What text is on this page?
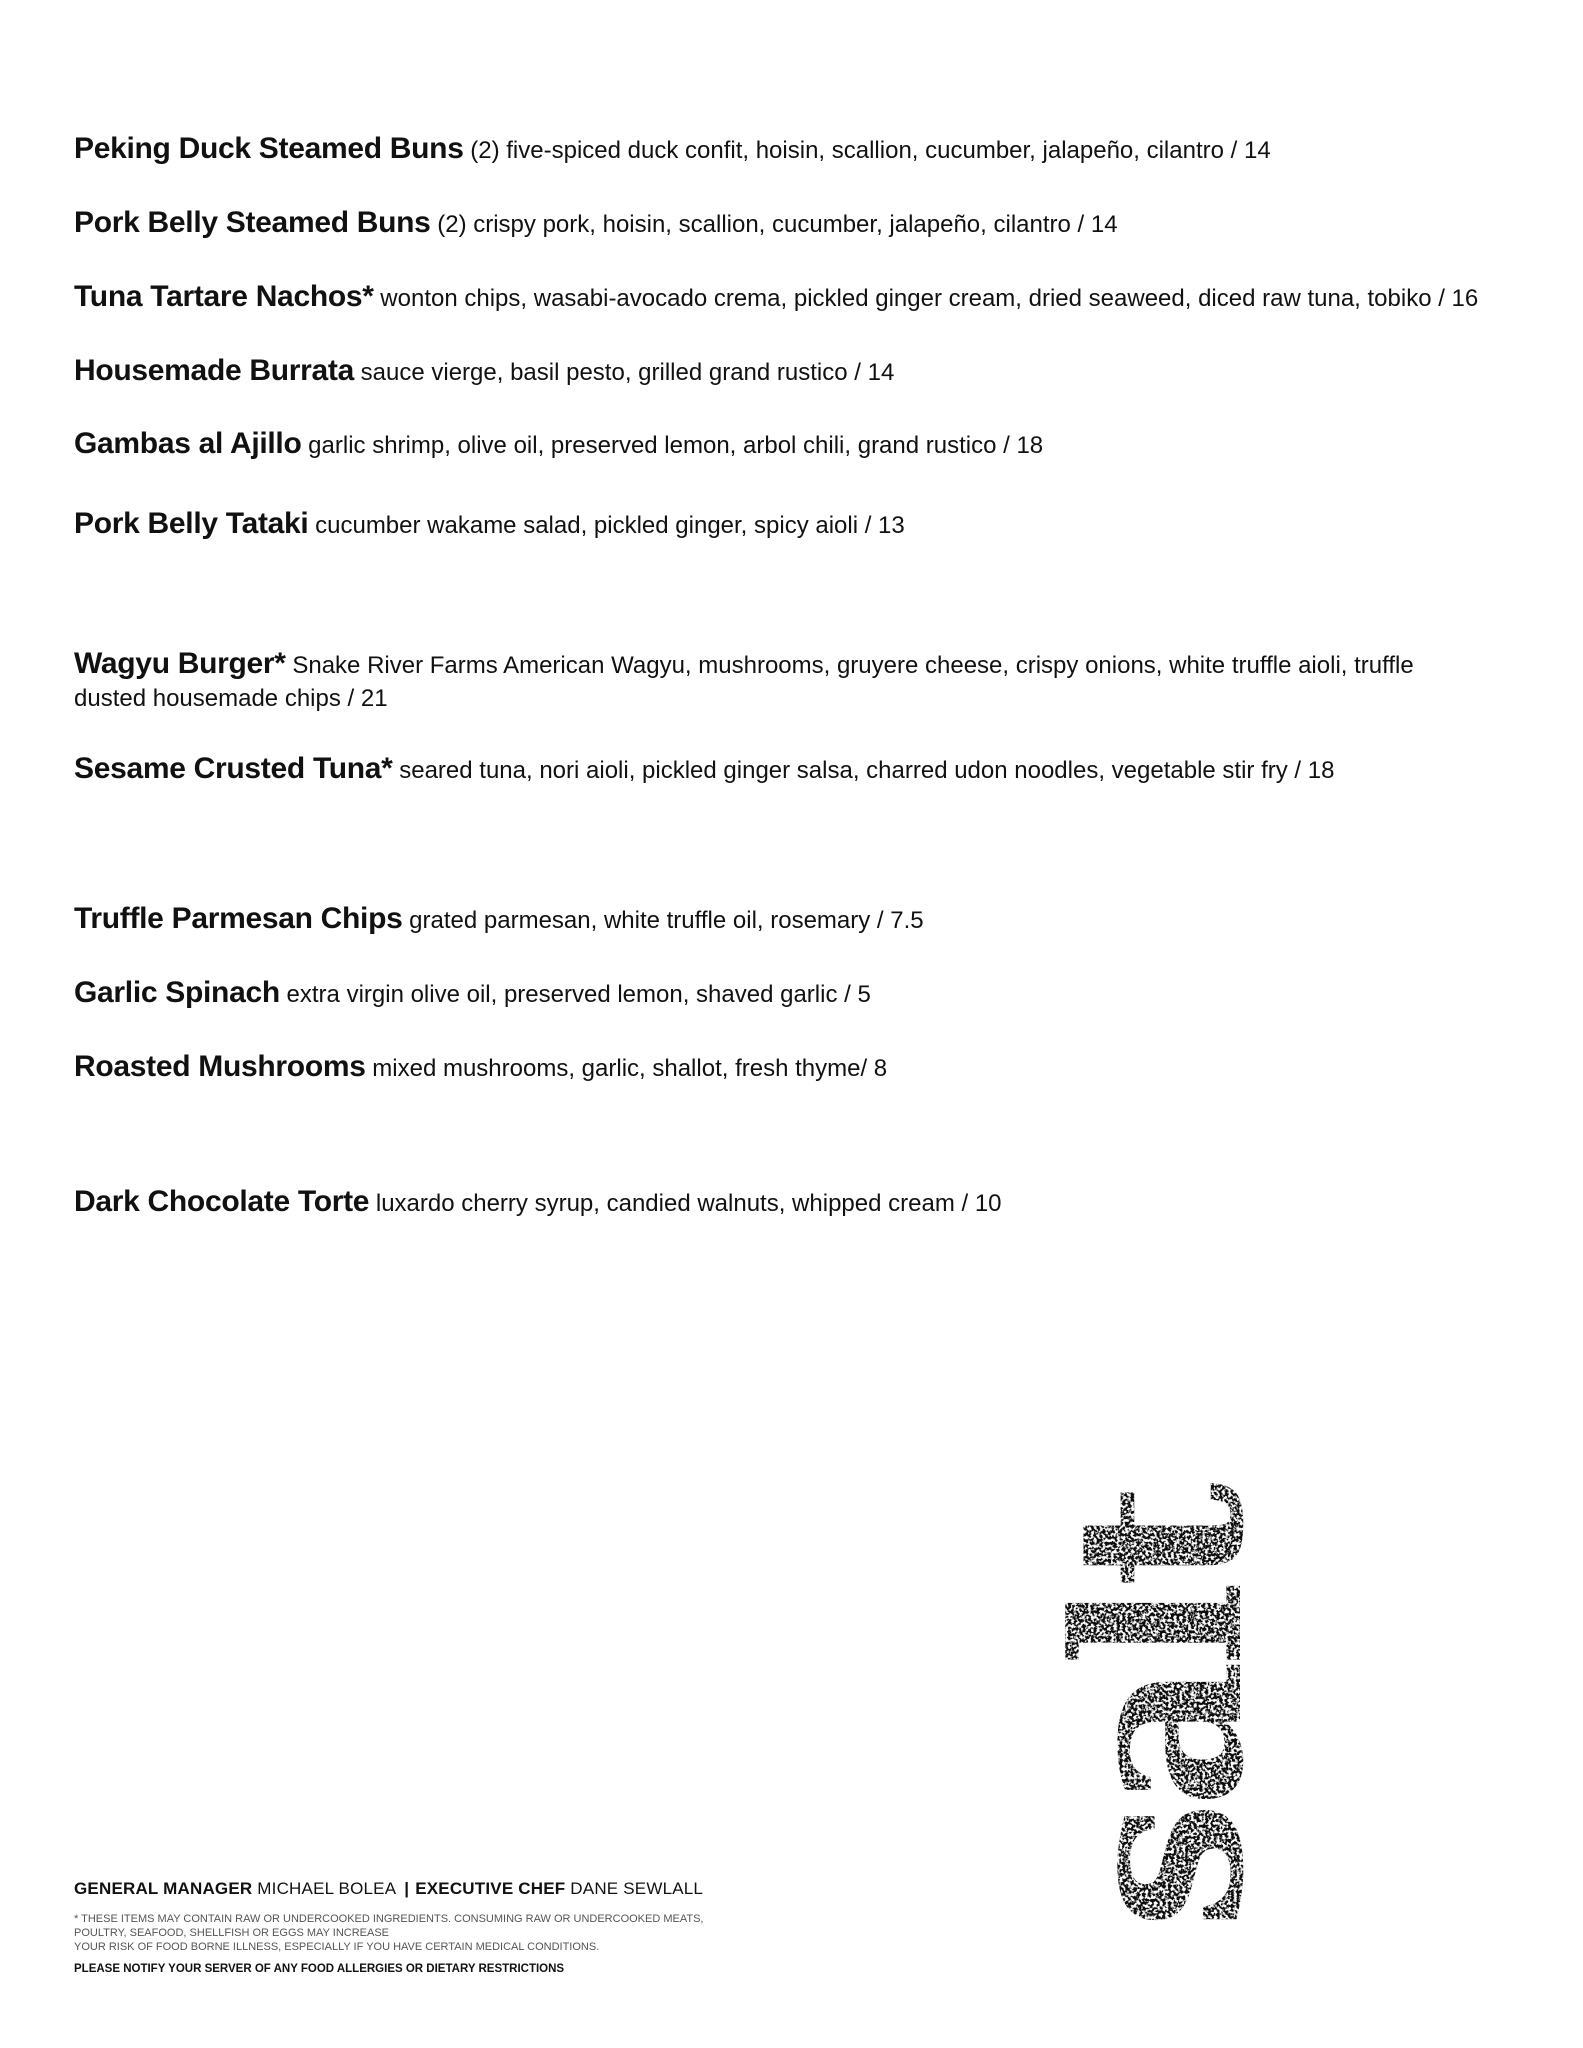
Peking Duck Steamed Buns (2) five-spiced duck confit, hoisin, scallion, cucumber, jalapeño, cilantro / 14
Pork Belly Steamed Buns (2) crispy pork, hoisin, scallion, cucumber, jalapeño, cilantro / 14
Tuna Tartare Nachos* wonton chips, wasabi-avocado crema, pickled ginger cream, dried seaweed, diced raw tuna, tobiko / 16
Housemade Burrata sauce vierge, basil pesto, grilled grand rustico / 14
Gambas al Ajillo garlic shrimp, olive oil, preserved lemon, arbol chili, grand rustico / 18
Pork Belly Tataki cucumber wakame salad, pickled ginger, spicy aioli / 13
Wagyu Burger* Snake River Farms American Wagyu, mushrooms, gruyere cheese, crispy onions, white truffle aioli, truffle dusted housemade chips / 21
Sesame Crusted Tuna* seared tuna, nori aioli, pickled ginger salsa, charred udon noodles, vegetable stir fry / 18
Truffle Parmesan Chips grated parmesan, white truffle oil, rosemary / 7.5
Garlic Spinach extra virgin olive oil, preserved lemon, shaved garlic / 5
Roasted Mushrooms mixed mushrooms, garlic, shallot, fresh thyme/ 8
Dark Chocolate Torte luxardo cherry syrup, candied walnuts, whipped cream / 10
salt
GENERAL MANAGER MICHAEL BOLEA | EXECUTIVE CHEF DANE SEWLALL
* THESE ITEMS MAY CONTAIN RAW OR UNDERCOOKED INGREDIENTS. CONSUMING RAW OR UNDERCOOKED MEATS,
POULTRY, SEAFOOD, SHELLFISH OR EGGS MAY INCREASE
YOUR RISK OF FOOD BORNE ILLNESS, ESPECIALLY IF YOU HAVE CERTAIN MEDICAL CONDITIONS.
PLEASE NOTIFY YOUR SERVER OF ANY FOOD ALLERGIES OR DIETARY RESTRICTIONS
